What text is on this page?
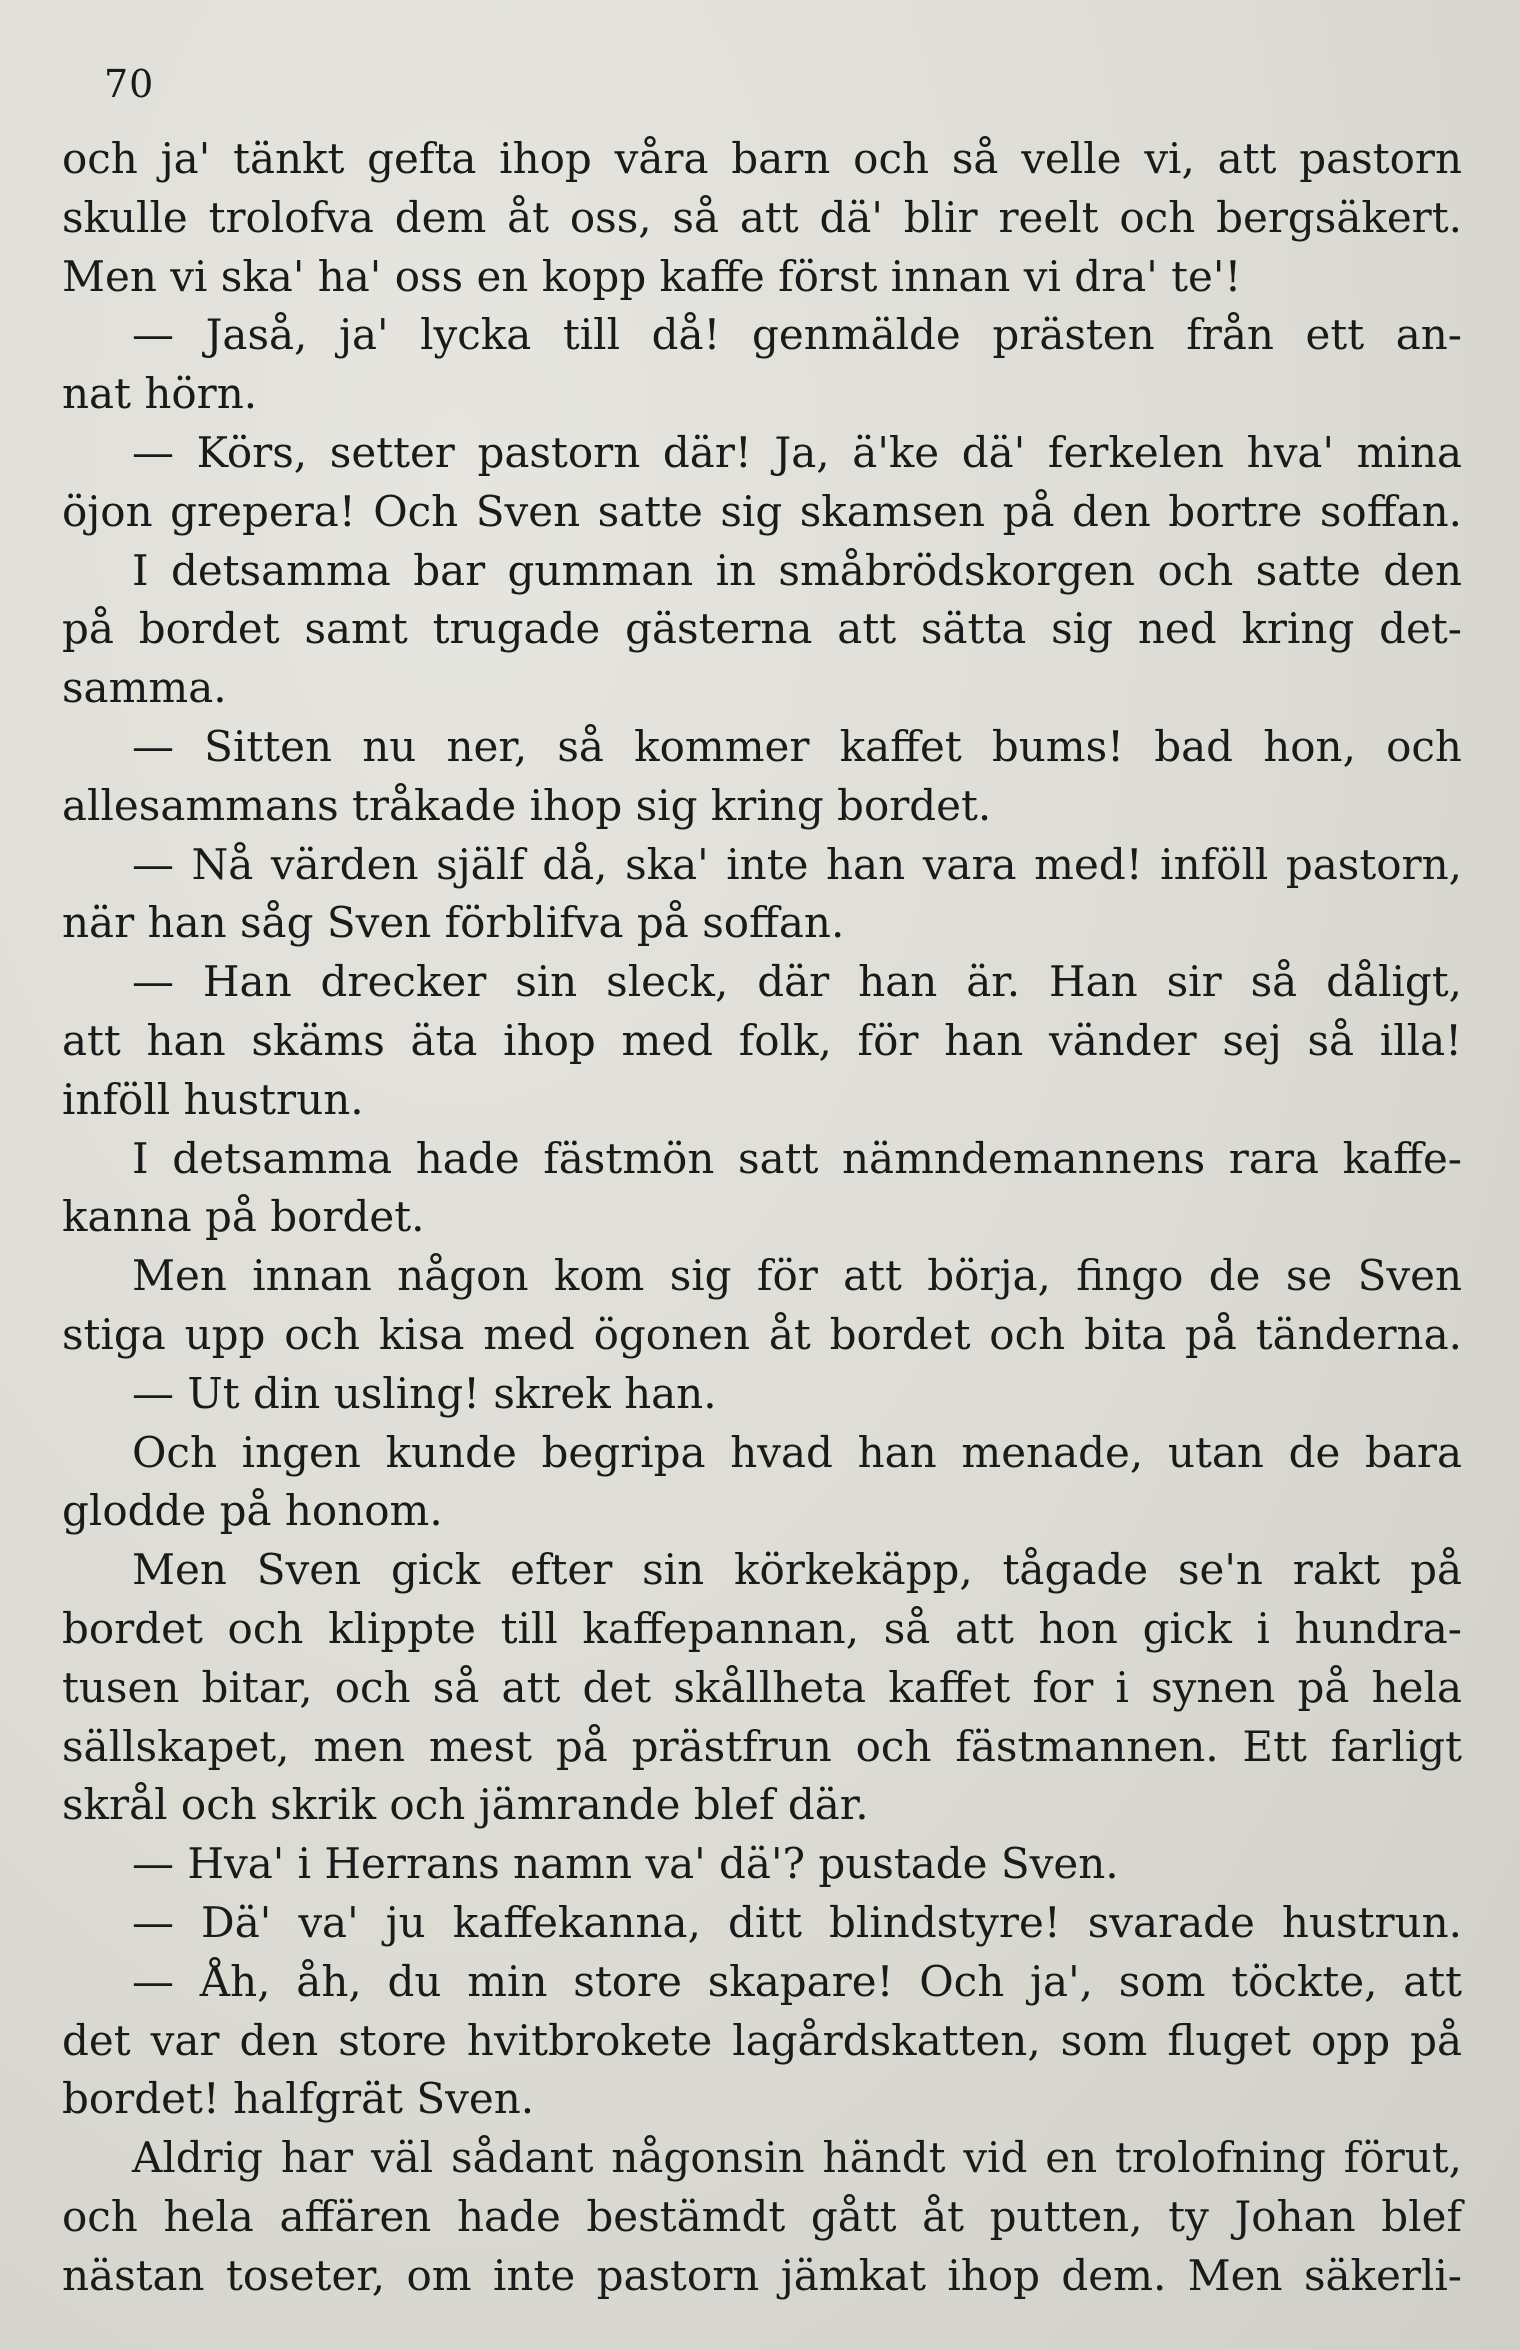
70
och ja' tänkt gefta ihop våra barn och så velle vi, att pastorn
skulle trolofva dem åt oss, så att dä' blir reelt och bergsäkert.
Men vi ska' ha' oss en kopp kaffe först innan vi dra' te'!
— Jaså, ja' lycka till då! genmälde prästen från ett an-
nat hörn.
— Körs, setter pastorn där! Ja, ä'ke dä' ferkelen hva' mina
öjon grepera! Och Sven satte sig skamsen på den bortre soffan.
I detsamma bar gumman in småbrödskorgen och satte den
på bordet samt trugade gästerna att sätta sig ned kring det-
samma.
— Sitten nu ner, så kommer kaffet bums! bad hon, och
allesammans tråkade ihop sig kring bordet.
— Nå värden själf då, ska' inte han vara med! inföll pastorn,
när han såg Sven förblifva på soffan.
— Han drecker sin sleck, där han är. Han sir så dåligt,
att han skäms äta ihop med folk, för han vänder sej så illa!
inföll hustrun.
I detsamma hade fästmön satt nämndemannens rara kaffe-
kanna på bordet.
Men innan någon kom sig för att börja, fingo de se Sven
stiga upp och kisa med ögonen åt bordet och bita på tänderna.
— Ut din usling! skrek han.
Och ingen kunde begripa hvad han menade, utan de bara
glodde på honom.
Men Sven gick efter sin körkekäpp, tågade se'n rakt på
bordet och klippte till kaffepannan, så att hon gick i hundra-
tusen bitar, och så att det skållheta kaffet for i synen på hela
sällskapet, men mest på prästfrun och fästmannen. Ett farligt
skrål och skrik och jämrande blef där.
— Hva' i Herrans namn va' dä'? pustade Sven.
— Dä' va' ju kaffekanna, ditt blindstyre! svarade hustrun.
— Åh, åh, du min store skapare! Och ja', som töckte, att
det var den store hvitbrokete lagårdskatten, som fluget opp på
bordet! halfgrät Sven.
Aldrig har väl sådant någonsin händt vid en trolofning förut,
och hela affären hade bestämdt gått åt putten, ty Johan blef
nästan toseter, om inte pastorn jämkat ihop dem. Men säkerli-
